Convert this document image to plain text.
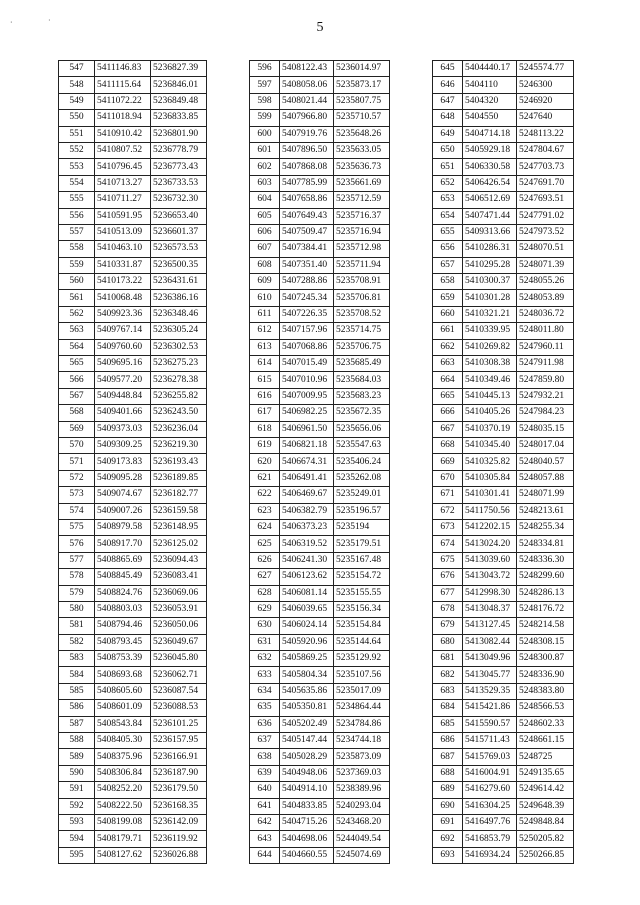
5
‧	·
547	5411146.83	5236827.39
548	5411115.64	5236846.01
549	5411072.22	5236849.48
550	5411018.94	5236833.85
551	5410910.42	5236801.90
552	5410807.52	5236778.79
553	5410796.45	5236773.43
554	5410713.27	5236733.53
555	5410711.27	5236732.30
556	5410591.95	5236653.40
557	5410513.09	5236601.37
558	5410463.10	5236573.53
559	5410331.87	5236500.35
560	5410173.22	5236431.61
561	5410068.48	5236386.16
562	5409923.36	5236348.46
563	5409767.14	5236305.24
564	5409760.60	5236302.53
565	5409695.16	5236275.23
566	5409577.20	5236278.38
567	5409448.84	5236255.82
568	5409401.66	5236243.50
569	5409373.03	5236236.04
570	5409309.25	5236219.30
571	5409173.83	5236193.43
572	5409095.28	5236189.85
573	5409074.67	5236182.77
574	5409007.26	5236159.58
575	5408979.58	5236148.95
576	5408917.70	5236125.02
577	5408865.69	5236094.43
578	5408845.49	5236083.41
579	5408824.76	5236069.06
580	5408803.03	5236053.91
581	5408794.46	5236050.06
582	5408793.45	5236049.67
583	5408753.39	5236045.80
584	5408693.68	5236062.71
585	5408605.60	5236087.54
586	5408601.09	5236088.53
587	5408543.84	5236101.25
588	5408405.30	5236157.95
589	5408375.96	5236166.91
590	5408306.84	5236187.90
591	5408252.20	5236179.50
592	5408222.50	5236168.35
593	5408199.08	5236142.09
594	5408179.71	5236119.92
595	5408127.62	5236026.88
596	5408122.43	5236014.97
597	5408058.06	5235873.17
598	5408021.44	5235807.75
599	5407966.80	5235710.57
600	5407919.76	5235648.26
601	5407896.50	5235633.05
602	5407868.08	5235636.73
603	5407785.99	5235661.69
604	5407658.86	5235712.59
605	5407649.43	5235716.37
606	5407509.47	5235716.94
607	5407384.41	5235712.98
608	5407351.40	5235711.94
609	5407288.86	5235708.91
610	5407245.34	5235706.81
611	5407226.35	5235708.52
612	5407157.96	5235714.75
613	5407068.86	5235706.75
614	5407015.49	5235685.49
615	5407010.96	5235684.03
616	5407009.95	5235683.23
617	5406982.25	5235672.35
618	5406961.50	5235656.06
619	5406821.18	5235547.63
620	5406674.31	5235406.24
621	5406491.41	5235262.08
622	5406469.67	5235249.01
623	5406382.79	5235196.57
624	5406373.23	5235194
625	5406319.52	5235179.51
626	5406241.30	5235167.48
627	5406123.62	5235154.72
628	5406081.14	5235155.55
629	5406039.65	5235156.34
630	5406024.14	5235154.84
631	5405920.96	5235144.64
632	5405869.25	5235129.92
633	5405804.34	5235107.56
634	5405635.86	5235017.09
635	5405350.81	5234864.44
636	5405202.49	5234784.86
637	5405147.44	5234744.18
638	5405028.29	5235873.09
639	5404948.06	5237369.03
640	5404914.10	5238389.96
641	5404833.85	5240293.04
642	5404715.26	5243468.20
643	5404698.06	5244049.54
644	5404660.55	5245074.69
645	5404440.17	5245574.77
646	5404110	5246300
647	5404320	5246920
648	5404550	5247640
649	5404714.18	5248113.22
650	5405929.18	5247804.67
651	5406330.58	5247703.73
652	5406426.54	5247691.70
653	5406512.69	5247693.51
654	5407471.44	5247791.02
655	5409313.66	5247973.52
656	5410286.31	5248070.51
657	5410295.28	5248071.39
658	5410300.37	5248055.26
659	5410301.28	5248053.89
660	5410321.21	5248036.72
661	5410339.95	5248011.80
662	5410269.82	5247960.11
663	5410308.38	5247911.98
664	5410349.46	5247859.80
665	5410445.13	5247932.21
666	5410405.26	5247984.23
667	5410370.19	5248035.15
668	5410345.40	5248017.04
669	5410325.82	5248040.57
670	5410305.84	5248057.88
671	5410301.41	5248071.99
672	5411750.56	5248213.61
673	5412202.15	5248255.34
674	5413024.20	5248334.81
675	5413039.60	5248336.30
676	5413043.72	5248299.60
677	5412998.30	5248286.13
678	5413048.37	5248176.72
679	5413127.45	5248214.58
680	5413082.44	5248308.15
681	5413049.96	5248300.87
682	5413045.77	5248336.90
683	5413529.35	5248383.80
684	5415421.86	5248566.53
685	5415590.57	5248602.33
686	5415711.43	5248661.15
687	5415769.03	5248725
688	5416004.91	5249135.65
689	5416279.60	5249614.42
690	5416304.25	5249648.39
691	5416497.76	5249848.84
692	5416853.79	5250205.82
693	5416934.24	5250266.85
